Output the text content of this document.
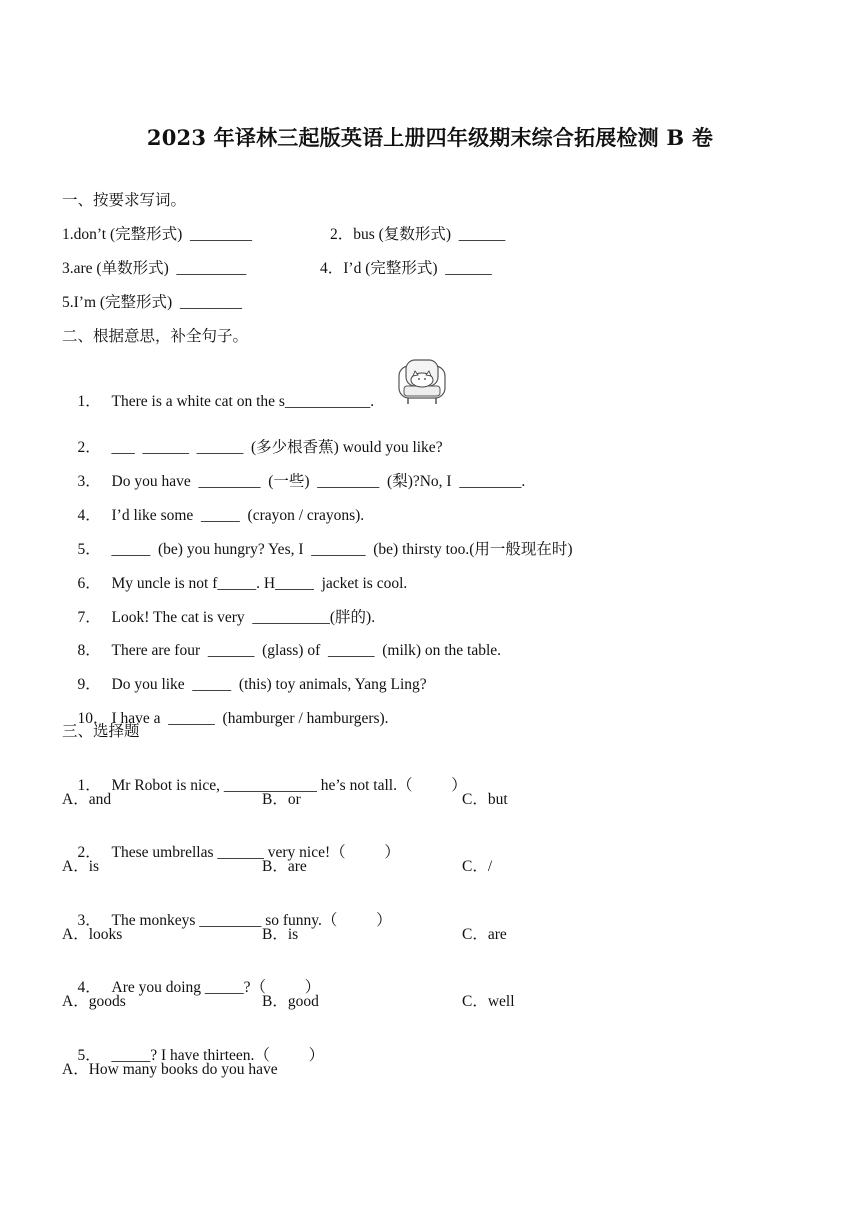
2023 年译林三起版英语上册四年级期末综合拓展检测 B 卷
一、按要求写词。
1.don’t (完整形式)  ________	2．bus (复数形式)  ______
3.are (单数形式)  _________	4．I’d (完整形式)  ______
5.I’m (完整形式)  ________
二、根据意思，补全句子。

1． There is a white cat on the s___________.

2． ___  ______  ______  (多少根香蕉) would you like?

3． Do you have  ________  (一些)  ________  (梨)?No, I  ________.

4． I’d like some  _____  (crayon / crayons).

5． _____  (be) you hungry? Yes, I  _______  (be) thirsty too.(用一般现在时)

6． My uncle is not f_____. H_____  jacket is cool.

7． Look! The cat is very  __________(胖的).

8． There are four  ______  (glass) of  ______  (milk) on the table.

9． Do you like  _____  (this) toy animals, Yang Ling?

10． I have a  ______  (hamburger / hamburgers).

三、选择题

1． Mr Robot is nice, ____________ he’s not tall.（          ）

A．and	B．or	C．but

2． These umbrellas ______ very nice!（          ）

A．is	B．are	C．/

3． The monkeys ________ so funny.（          ）

A．looks	B．is	C．are

4． Are you doing _____?（          ）

A．goods	B．good	C．well

5． _____? I have thirteen.（          ）

A．How many books do you have
